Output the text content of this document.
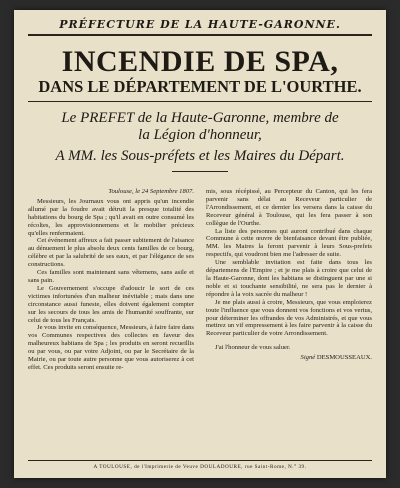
PRÉFECTURE DE LA HAUTE-GARONNE.
INCENDIE DE SPA,
DANS LE DÉPARTEMENT DE L'OURTHE.
Le PREFET de la Haute-Garonne, membre de
la Légion d'honneur,
A MM. les Sous-préfets et les Maires du Départ.
Toulouse, le 24 Septembre 1807.

Messieurs, les Journaux vous ont appris qu'un incendie allumé par la foudre avait détruit la presque totalité des habitations du bourg de Spa ; qu'il avait en outre consumé les récoltes, les approvisionnemens et le mobilier précieux qu'elles renfermaient.

Cet événement affreux a fait passer subitement de l'aisance au dénuement le plus absolu deux cents familles de ce bourg, célèbre et par la salubrité de ses eaux, et par l'élégance de ses constructions.

Ces familles sont maintenant sans vêtemens, sans asile et sans pain.

Le Gouvernement s'occupe d'adoucir le sort de ces victimes infortunées d'un malheur inévitable ; mais dans une circonstance aussi funeste, elles doivent également compter sur les secours de tous les amis de l'humanité souffrante, sur celui de tous les Français.

Je vous invite en conséquence, Messieurs, à faire faire dans vos Communes respectives des collectes en faveur des malheureux habitans de Spa ; les produits en seront recueillis ou par vous, ou par votre Adjoint, ou par le Secrétaire de la Mairie, ou par toute autre personne que vous autoriserez à cet effet. Ces produits seront ensuite re-

mis, sous récépissé, au Percepteur du Canton, qui les fera parvenir sans délai au Receveur particulier de l'Arrondissement, et ce dernier les versera dans la caisse du Receveur général à Toulouse, qui les fera passer à son collègue de l'Ourthe.

La liste des personnes qui auront contribué dans chaque Commune à cette œuvre de bienfaisance devant être publiée, MM. les Maires la feront parvenir à leurs Sous-prefets respectifs, qui voudront bien me l'adresser de suite.

Une semblable invitation est faite dans tous les départemens de l'Empire ; et je me plais à croire que celui de la Haute-Garonne, dont les habitans se distinguent par une si noble et si touchante sensibilité, ne sera pas le dernier à répondre à la voix sacrée du malheur !

Je me plais aussi à croire, Messieurs, que vous emploierez toute l'influence que vous donnent vos fonctions et vos vertus, pour déterminer les offrandes de vos Administrés, et que vous mettrez un vif empressement à les faire parvenir à la caisse du Receveur particulier de votre Arrondissement.

J'ai l'honneur de vous saluer.

Signé DESMOUSSEAUX.
A TOULOUSE, de l'Imprimerie de Veuve DOULADOURE, rue Saint-Rome, N.° 39.
